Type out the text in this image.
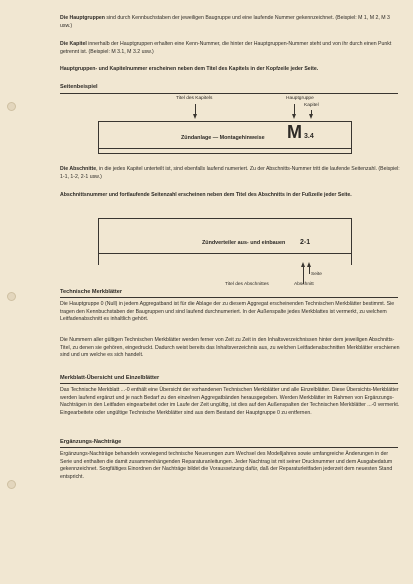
Die Hauptgruppen sind durch Kennbuchstaben der jeweiligen Baugruppe und eine laufende Nummer gekennzeichnet. (Beispiel: M 1, M 2, M 3 usw.)

Die Kapitel innerhalb der Hauptgruppen erhalten eine Kenn-Nummer, die hinter der Hauptgruppen-Nummer steht und von ihr durch einen Punkt getrennt ist. (Beispiel: M 3.1, M 3.2 usw.)

Hauptgruppen- und Kapitelnummer erscheinen neben dem Titel des Kapitels in der Kopfzeile jeder Seite.

Seitenbeispiel

Titel des Kapitels	Hauptgruppe

Kapitel

Zündanlage — Montagehinweise M 3.4

Die Abschnitte, in die jedes Kapitel unterteilt ist, sind ebenfalls laufend numeriert. Zu der Abschnitts-Nummer tritt die laufende Seitenzahl. (Beispiel: 1-1, 1-2, 2-1 usw.)

Abschnittsnummer und fortlaufende Seitenzahl erscheinen neben dem Titel des Abschnitts in der Fußzeile jeder Seite.

Zündverteiler aus- und einbauen 2-1

Seite

Titel des Abschnittes	Abschnitt

Technische Merkblätter

Die Hauptgruppe 0 (Null) in jedem Aggregatband ist für die Ablage der zu diesem Aggregat erscheinenden Technischen Merkblätter bestimmt. Sie tragen den Kennbuchstaben der Baugruppen und sind laufend durchnumeriert. In der Außenspalte jedes Merkblattes ist vermerkt, zu welchem Leitfadenabschnitt es inhaltlich gehört.

Die Nummern aller gültigen Technischen Merkblätter werden ferner von Zeit zu Zeit in den Inhaltsverzeichnissen hinter dem jeweiligen Abschnitts-Titel, zu denen sie gehören, eingedruckt. Dadurch weist bereits das Inhaltsverzeichnis aus, zu welchen Leitfadenabschnitten Merkblätter erschienen sind und um welche es sich handelt.

Merkblatt-Übersicht und Einzelblätter

Das Technische Merkblatt ...-0 enthält eine Übersicht der vorhandenen Technischen Merkblätter und alle Einzelblätter. Diese Übersichts-Merkblätter werden laufend ergänzt und je nach Bedarf zu den einzelnen Aggregatbänden herausgegeben. Werden Merkblätter im Rahmen von Ergänzungs-Nachträgen in den Leitfaden eingearbeitet oder im Laufe der Zeit ungültig, ist dies auf den Außenspalten der Technischen Merkblätter ...-0 vermerkt. Eingearbeitete oder ungültige Technische Merkblätter sind aus dem Bestand der Hauptgruppe 0 zu entfernen.

Ergänzungs-Nachträge

Ergänzungs-Nachträge behandeln vorwiegend technische Neuerungen zum Wechsel des Modelljahres sowie umfangreiche Änderungen in der Serie und enthalten die damit zusammenhängenden Reparaturanleitungen. Jeder Nachtrag ist mit seiner Drucknummer und dem Ausgabedatum gekennzeichnet. Sorgfältiges Einordnen der Nachträge bildet die Voraussetzung dafür, daß der Reparaturleitfaden jederzeit dem neuesten Stand entspricht.
